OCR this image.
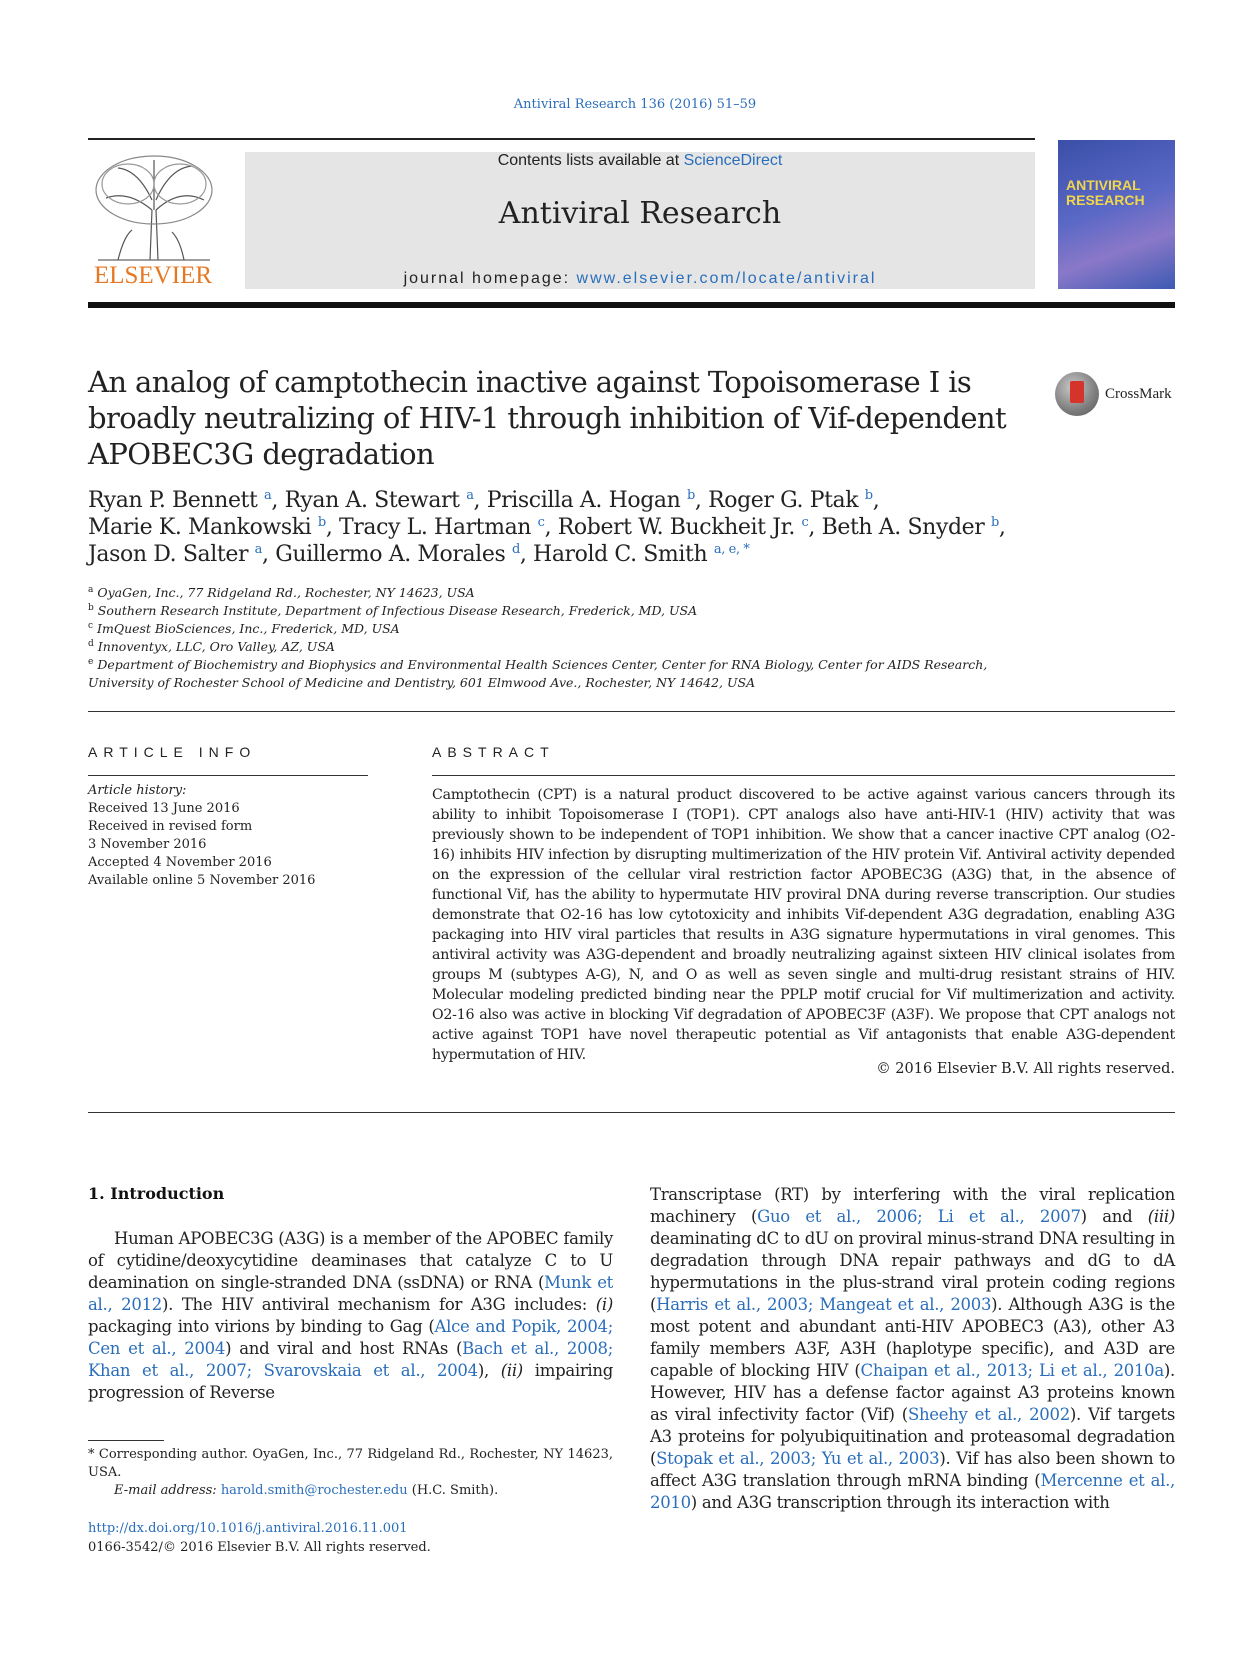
Antiviral Research 136 (2016) 51–59
ELSEVIER
Contents lists available at ScienceDirect
Antiviral Research
journal homepage: www.elsevier.com/locate/antiviral
ANTIVIRAL RESEARCH
An analog of camptothecin inactive against Topoisomerase I is broadly neutralizing of HIV-1 through inhibition of Vif-dependent APOBEC3G degradation
CrossMark
Ryan P. Bennett $^a$, Ryan A. Stewart $^a$, Priscilla A. Hogan $^b$, Roger G. Ptak $^b$,
Marie K. Mankowski $^b$, Tracy L. Hartman $^c$, Robert W. Buckheit Jr. $^c$, Beth A. Snyder $^b$,
Jason D. Salter $^a$, Guillermo A. Morales $^d$, Harold C. Smith $^{a, e, *}$
$^a$ OyaGen, Inc., 77 Ridgeland Rd., Rochester, NY 14623, USA
$^b$ Southern Research Institute, Department of Infectious Disease Research, Frederick, MD, USA
$^c$ ImQuest BioSciences, Inc., Frederick, MD, USA
$^d$ Innoventyx, LLC, Oro Valley, AZ, USA
$^e$ Department of Biochemistry and Biophysics and Environmental Health Sciences Center, Center for RNA Biology, Center for AIDS Research, University of Rochester School of Medicine and Dentistry, 601 Elmwood Ave., Rochester, NY 14642, USA
ARTICLE INFO
Article history:
Received 13 June 2016
Received in revised form
3 November 2016
Accepted 4 November 2016
Available online 5 November 2016
ABSTRACT
Camptothecin (CPT) is a natural product discovered to be active against various cancers through its ability to inhibit Topoisomerase I (TOP1). CPT analogs also have anti-HIV-1 (HIV) activity that was previously shown to be independent of TOP1 inhibition. We show that a cancer inactive CPT analog (O2-16) inhibits HIV infection by disrupting multimerization of the HIV protein Vif. Antiviral activity depended on the expression of the cellular viral restriction factor APOBEC3G (A3G) that, in the absence of functional Vif, has the ability to hypermutate HIV proviral DNA during reverse transcription. Our studies demonstrate that O2-16 has low cytotoxicity and inhibits Vif-dependent A3G degradation, enabling A3G packaging into HIV viral particles that results in A3G signature hypermutations in viral genomes. This antiviral activity was A3G-dependent and broadly neutralizing against sixteen HIV clinical isolates from groups M (subtypes A-G), N, and O as well as seven single and multi-drug resistant strains of HIV. Molecular modeling predicted binding near the PPLP motif crucial for Vif multimerization and activity. O2-16 also was active in blocking Vif degradation of APOBEC3F (A3F). We propose that CPT analogs not active against TOP1 have novel therapeutic potential as Vif antagonists that enable A3G-dependent hypermutation of HIV.
© 2016 Elsevier B.V. All rights reserved.
1. Introduction
Human APOBEC3G (A3G) is a member of the APOBEC family of cytidine/deoxycytidine deaminases that catalyze C to U deamination on single-stranded DNA (ssDNA) or RNA (Munk et al., 2012). The HIV antiviral mechanism for A3G includes: (i) packaging into virions by binding to Gag (Alce and Popik, 2004; Cen et al., 2004) and viral and host RNAs (Bach et al., 2008; Khan et al., 2007; Svarovskaia et al., 2004), (ii) impairing progression of Reverse
Transcriptase (RT) by interfering with the viral replication machinery (Guo et al., 2006; Li et al., 2007) and (iii) deaminating dC to dU on proviral minus-strand DNA resulting in degradation through DNA repair pathways and dG to dA hypermutations in the plus-strand viral protein coding regions (Harris et al., 2003; Mangeat et al., 2003). Although A3G is the most potent and abundant anti-HIV APOBEC3 (A3), other A3 family members A3F, A3H (haplotype specific), and A3D are capable of blocking HIV (Chaipan et al., 2013; Li et al., 2010a). However, HIV has a defense factor against A3 proteins known as viral infectivity factor (Vif) (Sheehy et al., 2002). Vif targets A3 proteins for polyubiquitination and proteasomal degradation (Stopak et al., 2003; Yu et al., 2003). Vif has also been shown to affect A3G translation through mRNA binding (Mercenne et al., 2010) and A3G transcription through its interaction with
* Corresponding author. OyaGen, Inc., 77 Ridgeland Rd., Rochester, NY 14623, USA.
E-mail address: harold.smith@rochester.edu (H.C. Smith).
http://dx.doi.org/10.1016/j.antiviral.2016.11.001
0166-3542/© 2016 Elsevier B.V. All rights reserved.
